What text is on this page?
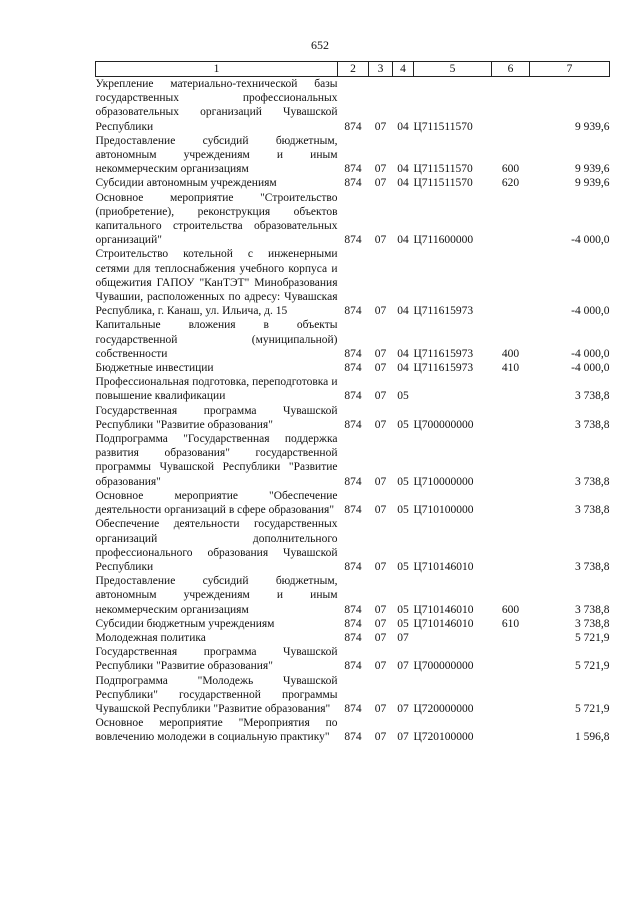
652
1	2	3	4	5	6	7
Укрепление материально-технической базы государственных профессиональных образовательных организаций Чувашской Республики	874	07	04	Ц711511570		9 939,6
Предоставление субсидий бюджетным, автономным учреждениям и иным некоммерческим организациям	874	07	04	Ц711511570	600	9 939,6
Субсидии автономным учреждениям	874	07	04	Ц711511570	620	9 939,6
Основное мероприятие "Строительство (приобретение), реконструкция объектов капитального строительства образовательных организаций"	874	07	04	Ц711600000		-4 000,0
Строительство котельной с инженерными сетями для теплоснабжения учебного корпуса и общежития ГАПОУ "КанТЭТ" Минобразования Чувашии, расположенных по адресу: Чувашская Республика, г. Канаш, ул. Ильича, д. 15	874	07	04	Ц711615973		-4 000,0
Капитальные вложения в объекты государственной (муниципальной) собственности	874	07	04	Ц711615973	400	-4 000,0
Бюджетные инвестиции	874	07	04	Ц711615973	410	-4 000,0
Профессиональная подготовка, переподготовка и повышение квалификации	874	07	05			3 738,8
Государственная программа Чувашской Республики "Развитие образования"	874	07	05	Ц700000000		3 738,8
Подпрограмма "Государственная поддержка развития образования" государственной программы Чувашской Республики "Развитие образования"	874	07	05	Ц710000000		3 738,8
Основное мероприятие "Обеспечение деятельности организаций в сфере образования"	874	07	05	Ц710100000		3 738,8
Обеспечение деятельности государственных организаций дополнительного профессионального образования Чувашской Республики	874	07	05	Ц710146010		3 738,8
Предоставление субсидий бюджетным, автономным учреждениям и иным некоммерческим организациям	874	07	05	Ц710146010	600	3 738,8
Субсидии бюджетным учреждениям	874	07	05	Ц710146010	610	3 738,8
Молодежная политика	874	07	07			5 721,9
Государственная программа Чувашской Республики "Развитие образования"	874	07	07	Ц700000000		5 721,9
Подпрограмма "Молодежь Чувашской Республики" государственной программы Чувашской Республики "Развитие образования"	874	07	07	Ц720000000		5 721,9
Основное мероприятие "Мероприятия по вовлечению молодежи в социальную практику"	874	07	07	Ц720100000		1 596,8
